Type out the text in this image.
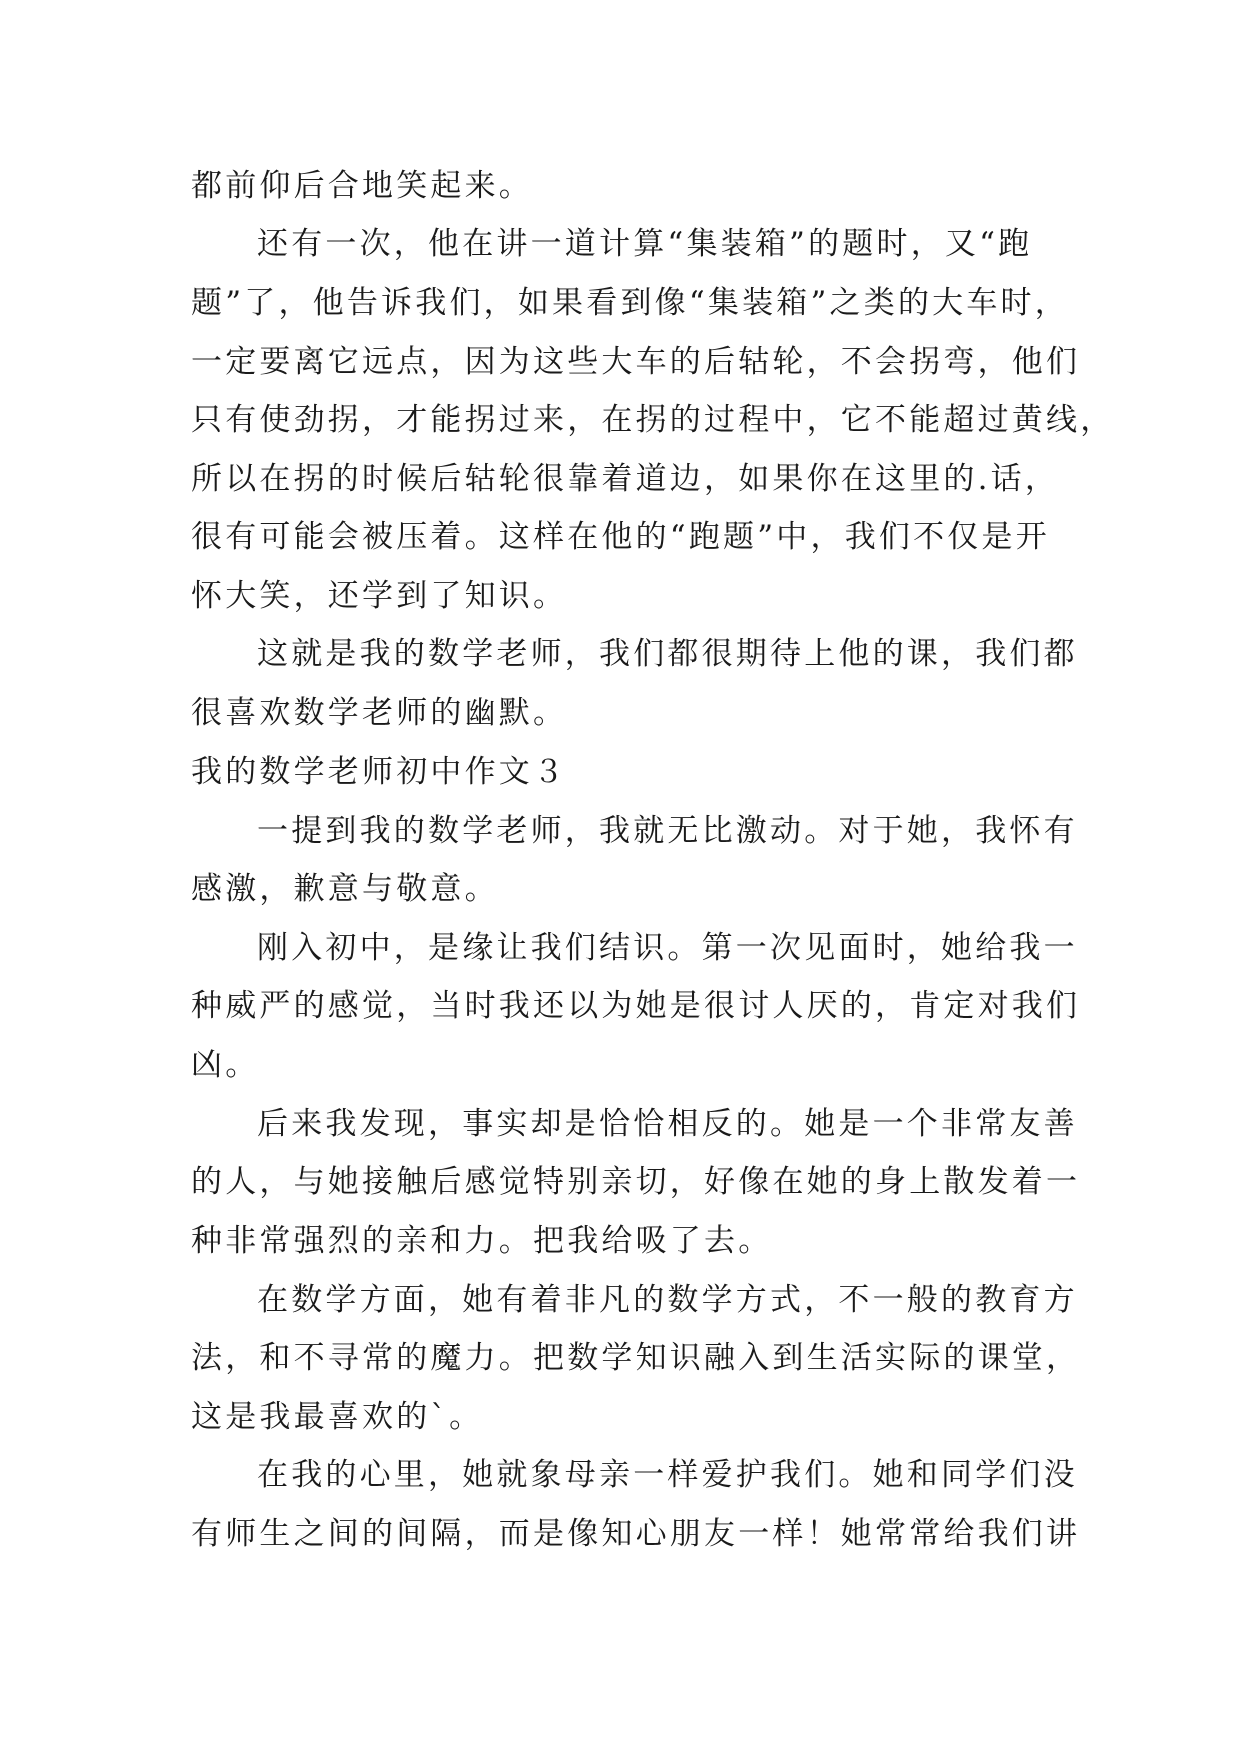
都前仰后合地笑起来。
还有一次，他在讲一道计算“集装箱”的题时，又“跑
题”了，他告诉我们，如果看到像“集装箱”之类的大车时，
一定要离它远点，因为这些大车的后轱轮，不会拐弯，他们
只有使劲拐，才能拐过来，在拐的过程中，它不能超过黄线，
所以在拐的时候后轱轮很靠着道边，如果你在这里的.话，
很有可能会被压着。这样在他的“跑题”中，我们不仅是开
怀大笑，还学到了知识。
这就是我的数学老师，我们都很期待上他的课，我们都
很喜欢数学老师的幽默。
我的数学老师初中作文３
一提到我的数学老师，我就无比激动。对于她，我怀有
感激，歉意与敬意。
刚入初中，是缘让我们结识。第一次见面时，她给我一
种威严的感觉，当时我还以为她是很讨人厌的，肯定对我们
凶。
后来我发现，事实却是恰恰相反的。她是一个非常友善
的人，与她接触后感觉特别亲切，好像在她的身上散发着一
种非常强烈的亲和力。把我给吸了去。
在数学方面，她有着非凡的数学方式，不一般的教育方
法，和不寻常的魔力。把数学知识融入到生活实际的课堂，
这是我最喜欢的`。
在我的心里，她就象母亲一样爱护我们。她和同学们没
有师生之间的间隔，而是像知心朋友一样！她常常给我们讲
